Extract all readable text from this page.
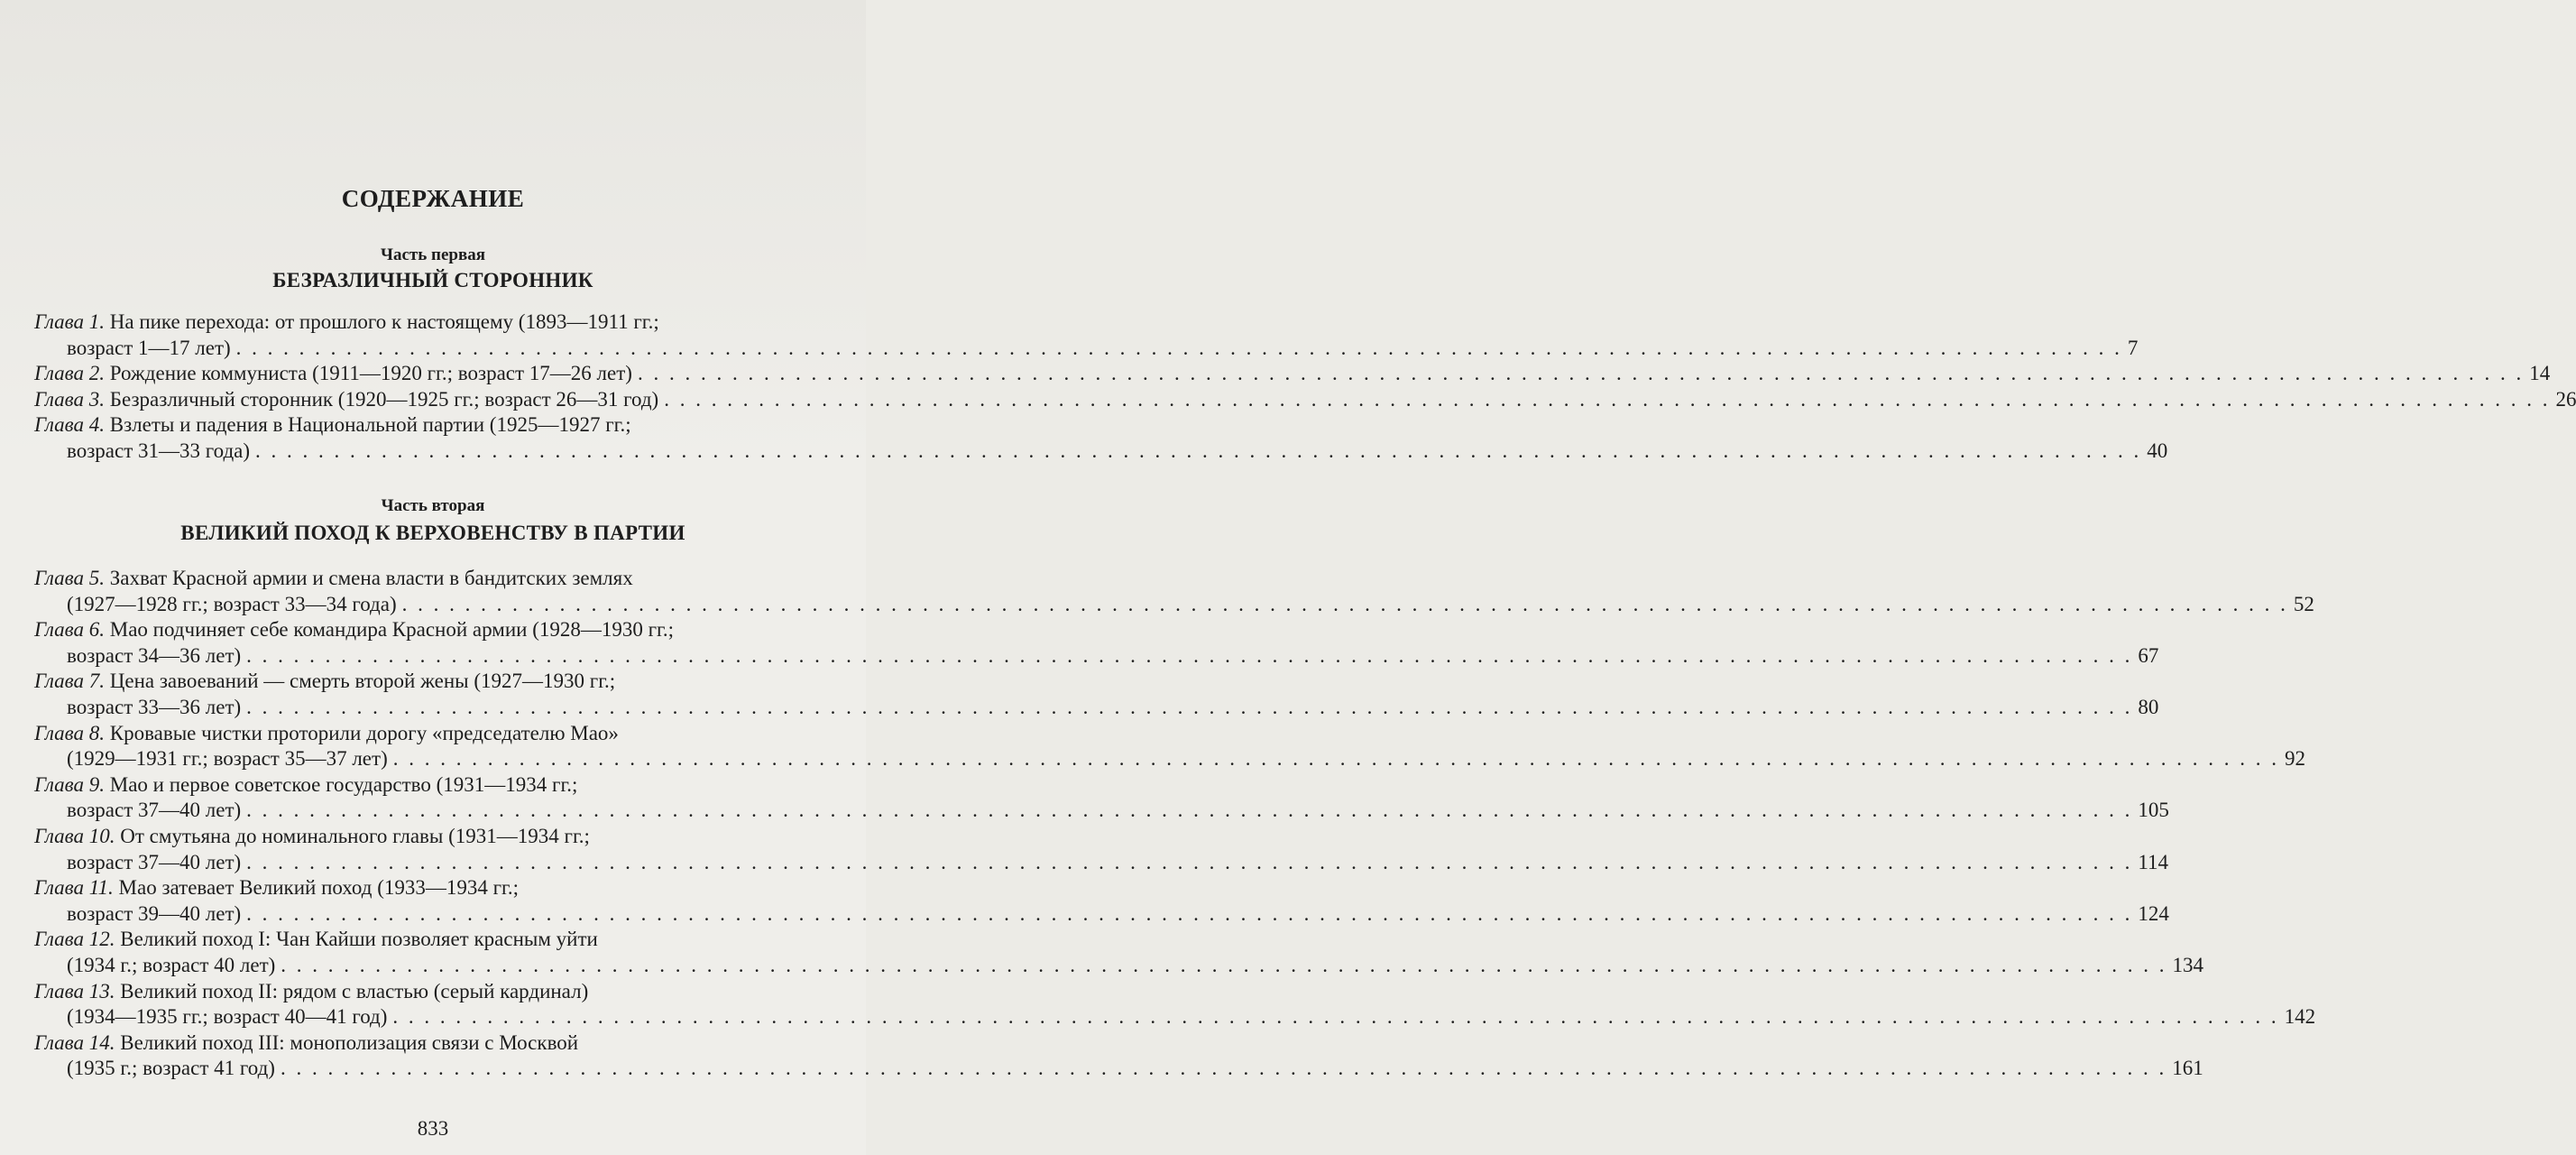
СОДЕРЖАНИЕ
Часть первая
БЕЗРАЗЛИЧНЫЙ СТОРОННИК
Глава 1. На пике перехода: от прошлого к настоящему (1893—1911 гг.;
возраст 1—17 лет) . . . . . . . . . . . . . . . . . . . . . . . . . . . . . . . . . . . . . . . . . . . . . . . . . . . . . . . . . . . . . . . . . . . . . . . . . . . . . . . . . . . . . . . . . . . . . . . . . . . . . . . . . . . . . . . . . . . . . . . . 7
Глава 2. Рождение коммуниста (1911—1920 гг.; возраст 17—26 лет) . . . . . . . . . . . . . . . . . . . . . . . . . . . . . . . . . . . . . . . . . . . . . . . . . . . . . . . . . . . . . . . . . . . . . . . . . . . . . . . . . . . . . . . . . . . . . . . . . . . . . . . . . . . . . . . . . . . . . . . . 14
Глава 3. Безразличный сторонник (1920—1925 гг.; возраст 26—31 год) . . . . . . . . . . . . . . . . . . . . . . . . . . . . . . . . . . . . . . . . . . . . . . . . . . . . . . . . . . . . . . . . . . . . . . . . . . . . . . . . . . . . . . . . . . . . . . . . . . . . . . . . . . . . . . . . . . . . . . . . 26
Глава 4. Взлеты и падения в Национальной партии (1925—1927 гг.;
возраст 31—33 года) . . . . . . . . . . . . . . . . . . . . . . . . . . . . . . . . . . . . . . . . . . . . . . . . . . . . . . . . . . . . . . . . . . . . . . . . . . . . . . . . . . . . . . . . . . . . . . . . . . . . . . . . . . . . . . . . . . . . . . . . 40
Часть вторая
ВЕЛИКИЙ ПОХОД К ВЕРХОВЕНСТВУ В ПАРТИИ
Глава 5. Захват Красной армии и смена власти в бандитских землях
(1927—1928 гг.; возраст 33—34 года) . . . . . . . . . . . . . . . . . . . . . . . . . . . . . . . . . . . . . . . . . . . . . . . . . . . . . . . . . . . . . . . . . . . . . . . . . . . . . . . . . . . . . . . . . . . . . . . . . . . . . . . . . . . . . . . . . . . . . . . . 52
Глава 6. Мао подчиняет себе командира Красной армии (1928—1930 гг.;
возраст 34—36 лет) . . . . . . . . . . . . . . . . . . . . . . . . . . . . . . . . . . . . . . . . . . . . . . . . . . . . . . . . . . . . . . . . . . . . . . . . . . . . . . . . . . . . . . . . . . . . . . . . . . . . . . . . . . . . . . . . . . . . . . . . 67
Глава 7. Цена завоеваний — смерть второй жены (1927—1930 гг.;
возраст 33—36 лет) . . . . . . . . . . . . . . . . . . . . . . . . . . . . . . . . . . . . . . . . . . . . . . . . . . . . . . . . . . . . . . . . . . . . . . . . . . . . . . . . . . . . . . . . . . . . . . . . . . . . . . . . . . . . . . . . . . . . . . . . 80
Глава 8. Кровавые чистки проторили дорогу «председателю Мао»
(1929—1931 гг.; возраст 35—37 лет) . . . . . . . . . . . . . . . . . . . . . . . . . . . . . . . . . . . . . . . . . . . . . . . . . . . . . . . . . . . . . . . . . . . . . . . . . . . . . . . . . . . . . . . . . . . . . . . . . . . . . . . . . . . . . . . . . . . . . . . . 92
Глава 9. Мао и первое советское государство (1931—1934 гг.;
возраст 37—40 лет) . . . . . . . . . . . . . . . . . . . . . . . . . . . . . . . . . . . . . . . . . . . . . . . . . . . . . . . . . . . . . . . . . . . . . . . . . . . . . . . . . . . . . . . . . . . . . . . . . . . . . . . . . . . . . . . . . . . . . . . . 105
Глава 10. От смутьяна до номинального главы (1931—1934 гг.;
возраст 37—40 лет) . . . . . . . . . . . . . . . . . . . . . . . . . . . . . . . . . . . . . . . . . . . . . . . . . . . . . . . . . . . . . . . . . . . . . . . . . . . . . . . . . . . . . . . . . . . . . . . . . . . . . . . . . . . . . . . . . . . . . . . . 114
Глава 11. Мао затевает Великий поход (1933—1934 гг.;
возраст 39—40 лет) . . . . . . . . . . . . . . . . . . . . . . . . . . . . . . . . . . . . . . . . . . . . . . . . . . . . . . . . . . . . . . . . . . . . . . . . . . . . . . . . . . . . . . . . . . . . . . . . . . . . . . . . . . . . . . . . . . . . . . . . 124
Глава 12. Великий поход I: Чан Кайши позволяет красным уйти
(1934 г.; возраст 40 лет) . . . . . . . . . . . . . . . . . . . . . . . . . . . . . . . . . . . . . . . . . . . . . . . . . . . . . . . . . . . . . . . . . . . . . . . . . . . . . . . . . . . . . . . . . . . . . . . . . . . . . . . . . . . . . . . . . . . . . . . . 134
Глава 13. Великий поход II: рядом с властью (серый кардинал)
(1934—1935 гг.; возраст 40—41 год) . . . . . . . . . . . . . . . . . . . . . . . . . . . . . . . . . . . . . . . . . . . . . . . . . . . . . . . . . . . . . . . . . . . . . . . . . . . . . . . . . . . . . . . . . . . . . . . . . . . . . . . . . . . . . . . . . . . . . . . . 142
Глава 14. Великий поход III: монополизация связи с Москвой
(1935 г.; возраст 41 год) . . . . . . . . . . . . . . . . . . . . . . . . . . . . . . . . . . . . . . . . . . . . . . . . . . . . . . . . . . . . . . . . . . . . . . . . . . . . . . . . . . . . . . . . . . . . . . . . . . . . . . . . . . . . . . . . . . . . . . . . 161
833
